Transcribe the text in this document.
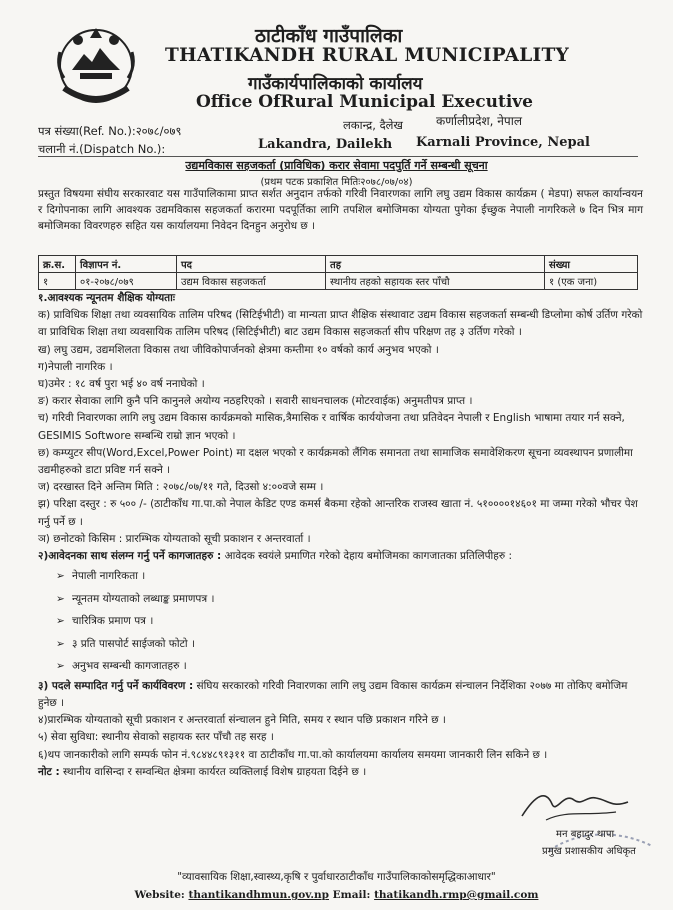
ठाटीकाँध गाउँपालिका
THATIKANDH RURAL MUNICIPALITY
गाउँकार्यपालिकाको कार्यालय
Office OfRural Municipal Executive
पत्र संख्या(Ref. No.):२०७८/०७९
चलानी नं.(Dispatch No.):
लकान्द्र, दैलेख
Lakandra, Dailekh
कर्णालीप्रदेश, नेपाल
Karnali Province, Nepal
उद्यमविकास सहजकर्ता (प्राविधिक) करार सेवामा पदपुर्ति गर्ने सम्बन्धी सूचना
(प्रथम पटक प्रकाशित मितिः२०७८/०७/०४)
प्रस्तुत विषयमा संघीय सरकारवाट यस गाउँपालिकामा प्राप्त सर्शत अनुदान तर्फको गरिवी निवारणका लागि लघु उद्यम विकास कार्यक्रम ( मेडपा) सफल कार्यान्वयन र दिगोपनाका लागि आवश्यक उद्यमविकास सहजकर्ता करारमा पदपूर्तिका लागि तपशिल बमोजिमका योग्यता पुगेका ईच्छुक नेपाली नागरिकले ७ दिन भित्र माग बमोजिमका विवरणहरु सहित यस कार्यालयमा निवेदन दिनहुन अनुरोध छ ।
क्र.स.	विज्ञापन नं.	पद	तह	संख्या
१	०१-२०७८/०७९	उद्यम विकास सहजकर्ता	स्थानीय तहको सहायक स्तर पाँचौ	१ (एक जना)

१.आवश्यक न्यूनतम शैक्षिक योग्यताः

क) प्राविधिक शिक्षा तथा व्यवसायिक तालिम परिषद (सिटिईभीटी) वा मान्यता प्राप्त शैक्षिक संस्थावाट उद्यम विकास सहजकर्ता सम्बन्धी डिप्लोमा कोर्ष उर्तिण गरेको वा प्राविधिक शिक्षा तथा व्यवसायिक तालिम परिषद (सिटिईभीटी) बाट उद्यम विकास सहजकर्ता सीप परिक्षण तह ३ उर्तिण गरेको ।

ख) लघु उद्यम, उद्यमशिलता विकास तथा जीविकोपार्जनको क्षेत्रमा कम्तीमा १० वर्षको कार्य अनुभव भएको ।

ग)नेपाली नागरिक ।

घ)उमेर : १८ वर्ष पुरा भई ४० वर्ष ननाघेको ।

ङ) करार सेवाका लागि कुनै पनि कानुनले अयोग्य नठहरिएको । सवारी साधनचालक (मोटरवाईक) अनुमतीपत्र प्राप्त ।

च) गरिवी निवारणका लागि लघु उद्यम विकास कार्यक्रमको मासिक,त्रैमासिक र वार्षिक कार्ययोजना तथा प्रतिवेदन नेपाली र English भाषामा तयार गर्न सक्ने, GESIMIS Softwore सम्बन्धि राम्रो ज्ञान भएको ।

छ) कम्प्युटर सीप(Word,Excel,Power Point) मा दक्षल भएको र कार्यक्रमको लैंगिक समानता तथा सामाजिक समावेशिकरण सूचना व्यवस्थापन प्रणालीमा उद्यमीहरुको डाटा प्रविष्ट गर्न सक्ने ।

ज) दरखास्त दिने अन्तिम मिति : २०७८/०७/११ गते, दिउसो ४:००वजे सम्म ।

झ) परिक्षा दस्तुर : रु ५०० /- (ठाटीकाँध गा.पा.को नेपाल केडिट एण्ड कमर्स बैकमा रहेको आन्तरिक राजस्व खाता नं. ५१००००१४६०१ मा जम्मा गरेको भौचर पेश गर्नु पर्ने छ ।

ञ) छनोटको किसिम : प्रारम्भिक योग्यताको सूची प्रकाशन र अन्तरवार्ता ।

२)आवेदनका साथ संलग्न गर्नु पर्ने कागजातहरु : आवेदक स्वयंले प्रमाणित गरेको देहाय बमोजिमका कागजातका प्रतिलिपीहरु :

➢ नेपाली नागरिकता ।
➢ न्यूनतम योग्यताको लब्धाङ्क प्रमाणपत्र ।
➢ चारित्रिक प्रमाण पत्र ।
➢ ३ प्रति पासपोर्ट साईजको फोटो ।
➢ अनुभव सम्बन्धी कागजातहरु ।

३) पदले सम्पादित गर्नु पर्ने कार्यविवरण : संघिय सरकारको गरिवी निवारणका लागि लघु उद्यम विकास कार्यक्रम संन्चालन निर्देशिका २०७७ मा तोकिए बमोजिम हुनेछ ।

४)प्रारम्भिक योग्यताको सूची प्रकाशन र अन्तरवार्ता संन्चालन हुने मिति, समय र स्थान पछि प्रकाशन गरिने छ ।

५) सेवा सुविधा: स्थानीय सेवाको सहायक स्तर पाँचौ तह सरह ।

६)थप जानकारीको लागि सम्पर्क फोन नं.९८४४८९१३११ वा ठाटीकाँध गा.पा.को कार्यालयमा कार्यालय समयमा जानकारी लिन सकिने छ ।

नोट : स्थानीय वासिन्दा र सम्वन्धित क्षेत्रमा कार्यरत व्यक्तिलाई विशेष ग्राहयता दिईने छ ।

मन बहादुर थापा
प्रमुख प्रशासकीय अधिकृत
"व्यावसायिक शिक्षा,स्वास्थ्य,कृषि र पुर्वाधारठाटीकाँध गाउँपालिकाकोसमृद्धिकाआधार"
Website: thantikandhmun.gov.np Email: thatikandh.rmp@gmail.com
